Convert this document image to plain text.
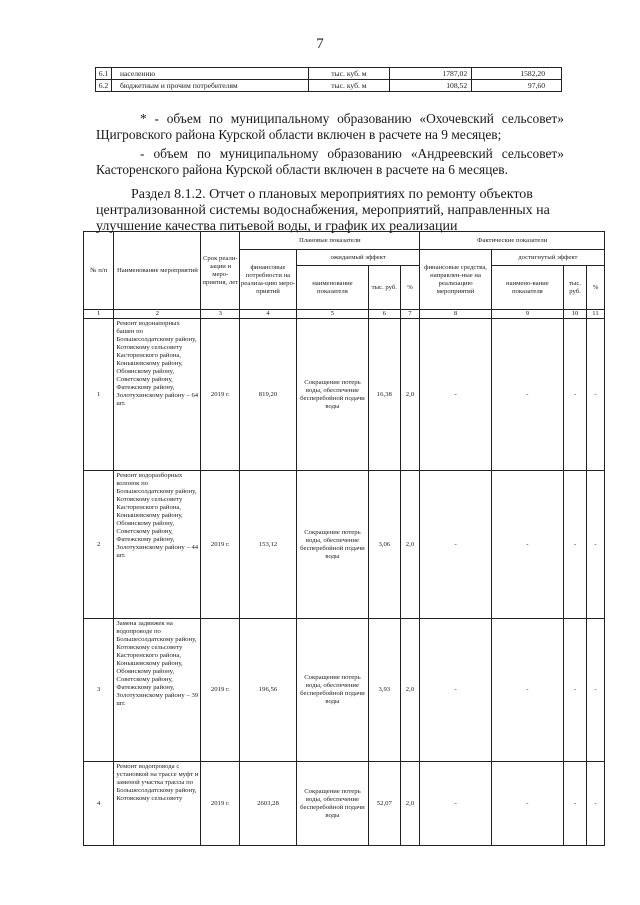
7
6.1	населению	тыс. куб. м	1787,02	1582,20
6.2	бюджетным и прочим потребителям	тыс. куб. м	108,52	97,60
* - объем по муниципальному образованию «Охочевский сельсовет»
Щигровского района Курской области включен в расчете на 9 месяцев;
- объем по муниципальному образованию «Андреевский сельсовет»
Касторенского района Курской области включен в расчете на 6 месяцев.
Раздел 8.1.2. Отчет о плановых мероприятиях по ремонту объектов
централизованной системы водоснабжения, мероприятий, направленных на
улучшение качества питьевой воды, и график их реализации
№ п/п	Наименование мероприятий	Срок реали-зации и меро-приятия, лет	Плановые показатели				Фактические показатели			
			финансовые потребности на реализа-цию меро-приятий	ожидаемый эффект			финансовые средства, направлен-ные на реализацию мероприятий	достигнутый эффект		
				наименование показателя	тыс. руб.	%		наимено-вание показателя	тыс. руб.	%
1	2	3	4	5	6	7	8	9	10	11
1	Ремонт водонапорных башен по Большесолдатскому району, Котовскому сельсовету Касторенского района, Конышевскому району, Обоянскому району, Советскому району, Фатежскому району, Золотухинскому району – 64 шт.	2019 г.	819,20	Сокращение потерь воды, обеспечение бесперебойной подачи воды	16,38	2,0	-	-	-	-
2	Ремонт водоразборных колонок по Большесолдатскому району, Котовскому сельсовету Касторенского района, Конышевскому району, Обоянскому району, Советскому району, Фатежскому району, Золотухинскому району – 44 шт.	2019 г.	153,12	Сокращение потерь воды, обеспечение бесперебойной подачи воды	3,06	2,0	-	-	-	-
3	Замена задвижек на водопроводе по Большесолдатскому району, Котовскому сельсовету Касторенского района, Конышевскому району, Обоянскому району, Советскому району, Фатежскому району, Золотухинскому району – 39 шт.	2019 г.	196,56	Сокращение потерь воды, обеспечение бесперебойной подачи воды	3,93	2,0	-	-	-	-
4	Ремонт водопровода с установкой на трассе муфт и заменой участка трассы по Большесолдатскому району, Котовскому сельсовету	2019 г.	2603,28	Сокращение потерь воды, обеспечение бесперебойной подачи воды	52,07	2,0	-	-	-	-
